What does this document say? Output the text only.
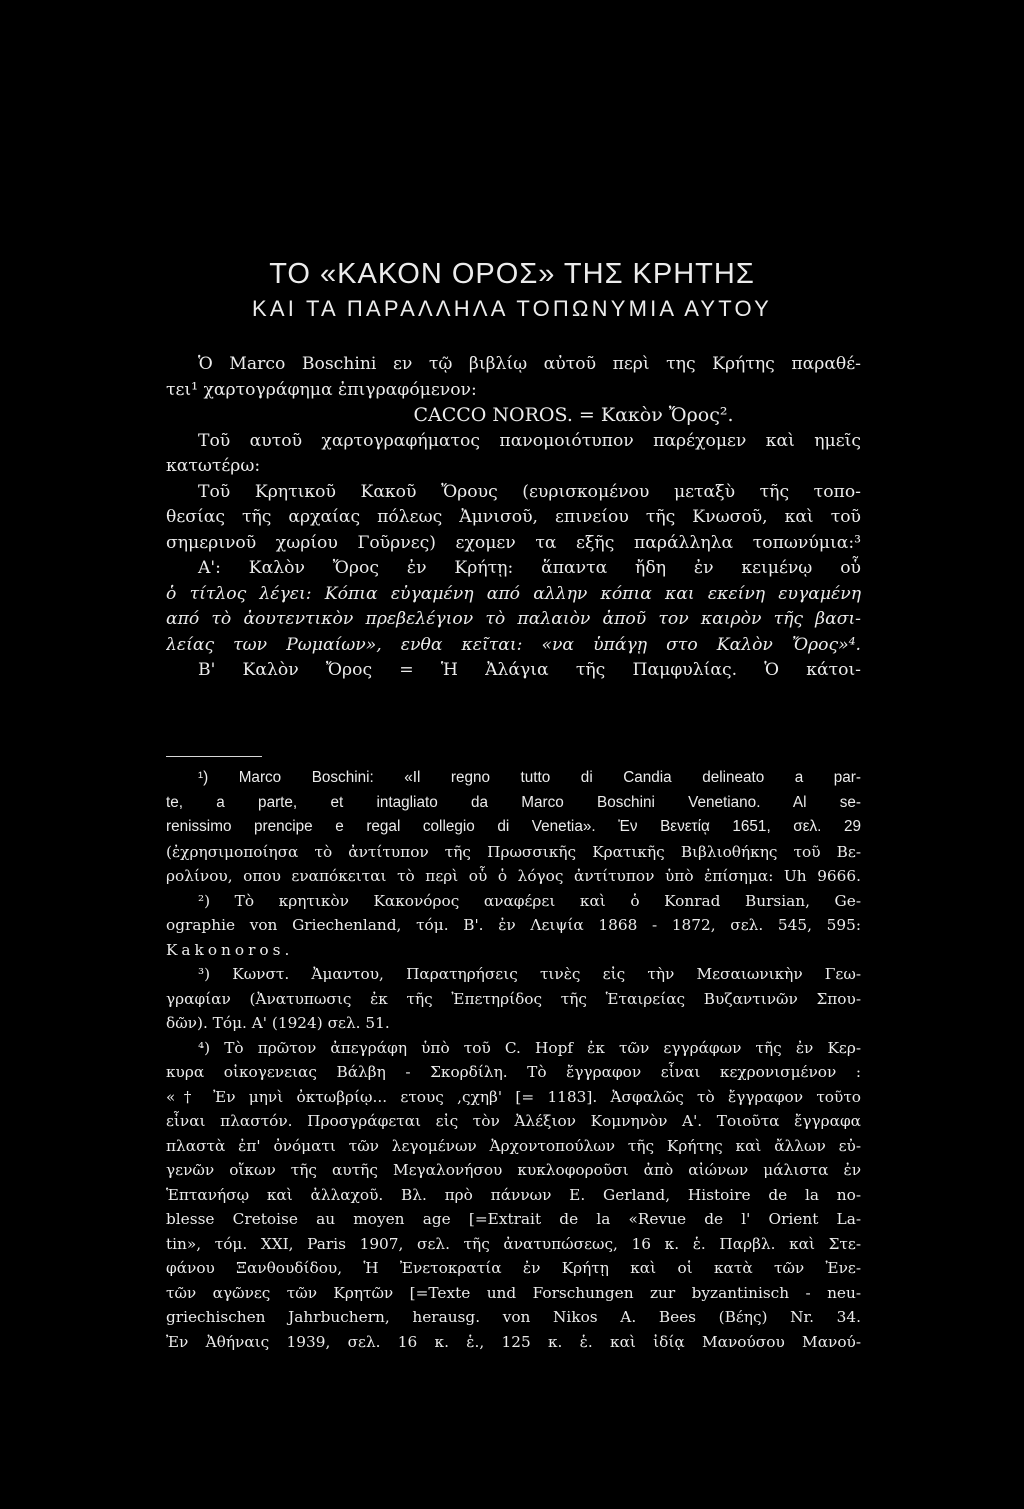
ΤΟ «ΚΑΚΟΝ ΟΡΟΣ» ΤΗΣ ΚΡΗΤΗΣ
ΚΑΙ ΤΑ ΠΑΡΑΛΛΗΛΑ ΤΟΠΩΝΥΜΙΑ ΑΥΤΟΥ
Ὁ Marco Boschini εν τῷ βιβλίῳ αὐτοῦ περὶ της Κρήτης παραθέ-
τει¹ χαρτογράφημα ἐπιγραφόμενον:
CACCO NOROS. = Κακὸν Ὄρος².
Τοῦ αυτοῦ χαρτογραφήματος πανομοιότυπον παρέχομεν καὶ ημεῖς
κατωτέρω:
Τοῦ Κρητικοῦ Κακοῦ Ὄρους (ευρισκομένου μεταξὺ τῆς τοπο-
θεσίας τῆς αρχαίας πόλεως Ἀμνισοῦ, επινείου τῆς Κνωσοῦ, καὶ τοῦ
σημερινοῦ χωρίου Γοῦρνες) εχομεν τα εξῆς παράλληλα τοπωνύμια:³
Α': Καλὸν Ὄρος ἐν Κρήτῃ: ἅπαντα ἤδη ἐν κειμένῳ οὗ
ὁ τίτλος λέγει: Κόπια εὐγαμένη από αλλην κόπια και εκείνη ευγαμένη
από τὸ ἀουτεντικὸν πρεβελέγιον τὸ παλαιὸν ἀποῦ τον καιρὸν τῆς βασι-
λείας των Ρωμαίων», ενθα κεῖται: «να ὑπάγῃ στο Καλὸν Ὄρος»⁴.
Β' Καλὸν Ὄρος = Ἡ Ἀλάγια τῆς Παμφυλίας. Ὁ κάτοι-
¹) Marco Boschini: «Il regno tutto di Candia delineato a par-
te, a parte, et intagliato da Marco Boschini Venetiano. Al se-
renissimo prencipe e regal collegio di Venetia». Ἐν Βενετίᾳ 1651, σελ. 29
(ἐχρησιμοποίησα τὸ ἀντίτυπον τῆς Πρωσσικῆς Κρατικῆς Βιβλιοθήκης τοῦ Βε-
ρολίνου, οπου εναπόκειται τὸ περὶ οὗ ὁ λόγος ἀντίτυπον ὑπὸ ἐπίσημα: Uh 9666.
²) Τὸ κρητικὸν Κακονόρος αναφέρει καὶ ὁ Konrad Bursian, Ge-
ographie von Griechenland, τόμ. Β'. ἐν Λειψία 1868 - 1872, σελ. 545, 595:
Kakonoros.
³) Κωνστ. Ἀμαντου, Παρατηρήσεις τινὲς εἰς τὴν Μεσαιωνικὴν Γεω-
γραφίαν (Ἀνατυπωσις ἐκ τῆς Ἐπετηρίδος τῆς Ἑταιρείας Βυζαντινῶν Σπου-
δῶν). Τόμ. Α' (1924) σελ. 51.
⁴) Τὸ πρῶτον ἀπεγράφη ὑπὸ τοῦ C. Hopf ἐκ τῶν εγγράφων τῆς ἐν Κερ-
κυρα οἰκογενειας Βάλβη - Σκορδίλη. Τὸ ἔγγραφον εἶναι κεχρονισμένον :
«† Ἐν μηνὶ ὀκτωβρίῳ... ετους ,ςχηβ' [= 1183]. Ἀσφαλῶς τὸ ἔγγραφον τοῦτο
εἶναι πλαστόν. Προσγράφεται εἰς τὸν Ἀλέξιον Κομνηνὸν Α'. Τοιοῦτα ἔγγραφα
πλαστὰ ἐπ' ὀνόματι τῶν λεγομένων Ἀρχοντοπούλων τῆς Κρήτης καὶ ἄλλων εὐ-
γενῶν οἴκων τῆς αυτῆς Μεγαλονήσου κυκλοφοροῦσι ἀπὸ αἰώνων μάλιστα ἐν
Ἑπτανήσῳ καὶ ἀλλαχοῦ. Βλ. πρὸ πάννων E. Gerland, Histoire de la no-
blesse Cretoise au moyen age [=Extrait de la «Revue de l' Orient La-
tin», τόμ. XXI, Paris 1907, σελ. τῆς ἀνατυπώσεως, 16 κ. ἑ. Παρβλ. καὶ Στε-
φάνου Ξανθουδίδου, Ἡ Ἐνετοκρατία ἐν Κρήτῃ καὶ οἱ κατὰ τῶν Ἐνε-
τῶν αγῶνες τῶν Κρητῶν [=Texte und Forschungen zur byzantinisch - neu-
griechischen Jahrbuchern, herausg. von Nikos A. Bees (Βέης) Nr. 34.
Ἐν Ἀθήναις 1939, σελ. 16 κ. ἑ., 125 κ. ἑ. καὶ ἰδίᾳ Μανούσου Μανού-
